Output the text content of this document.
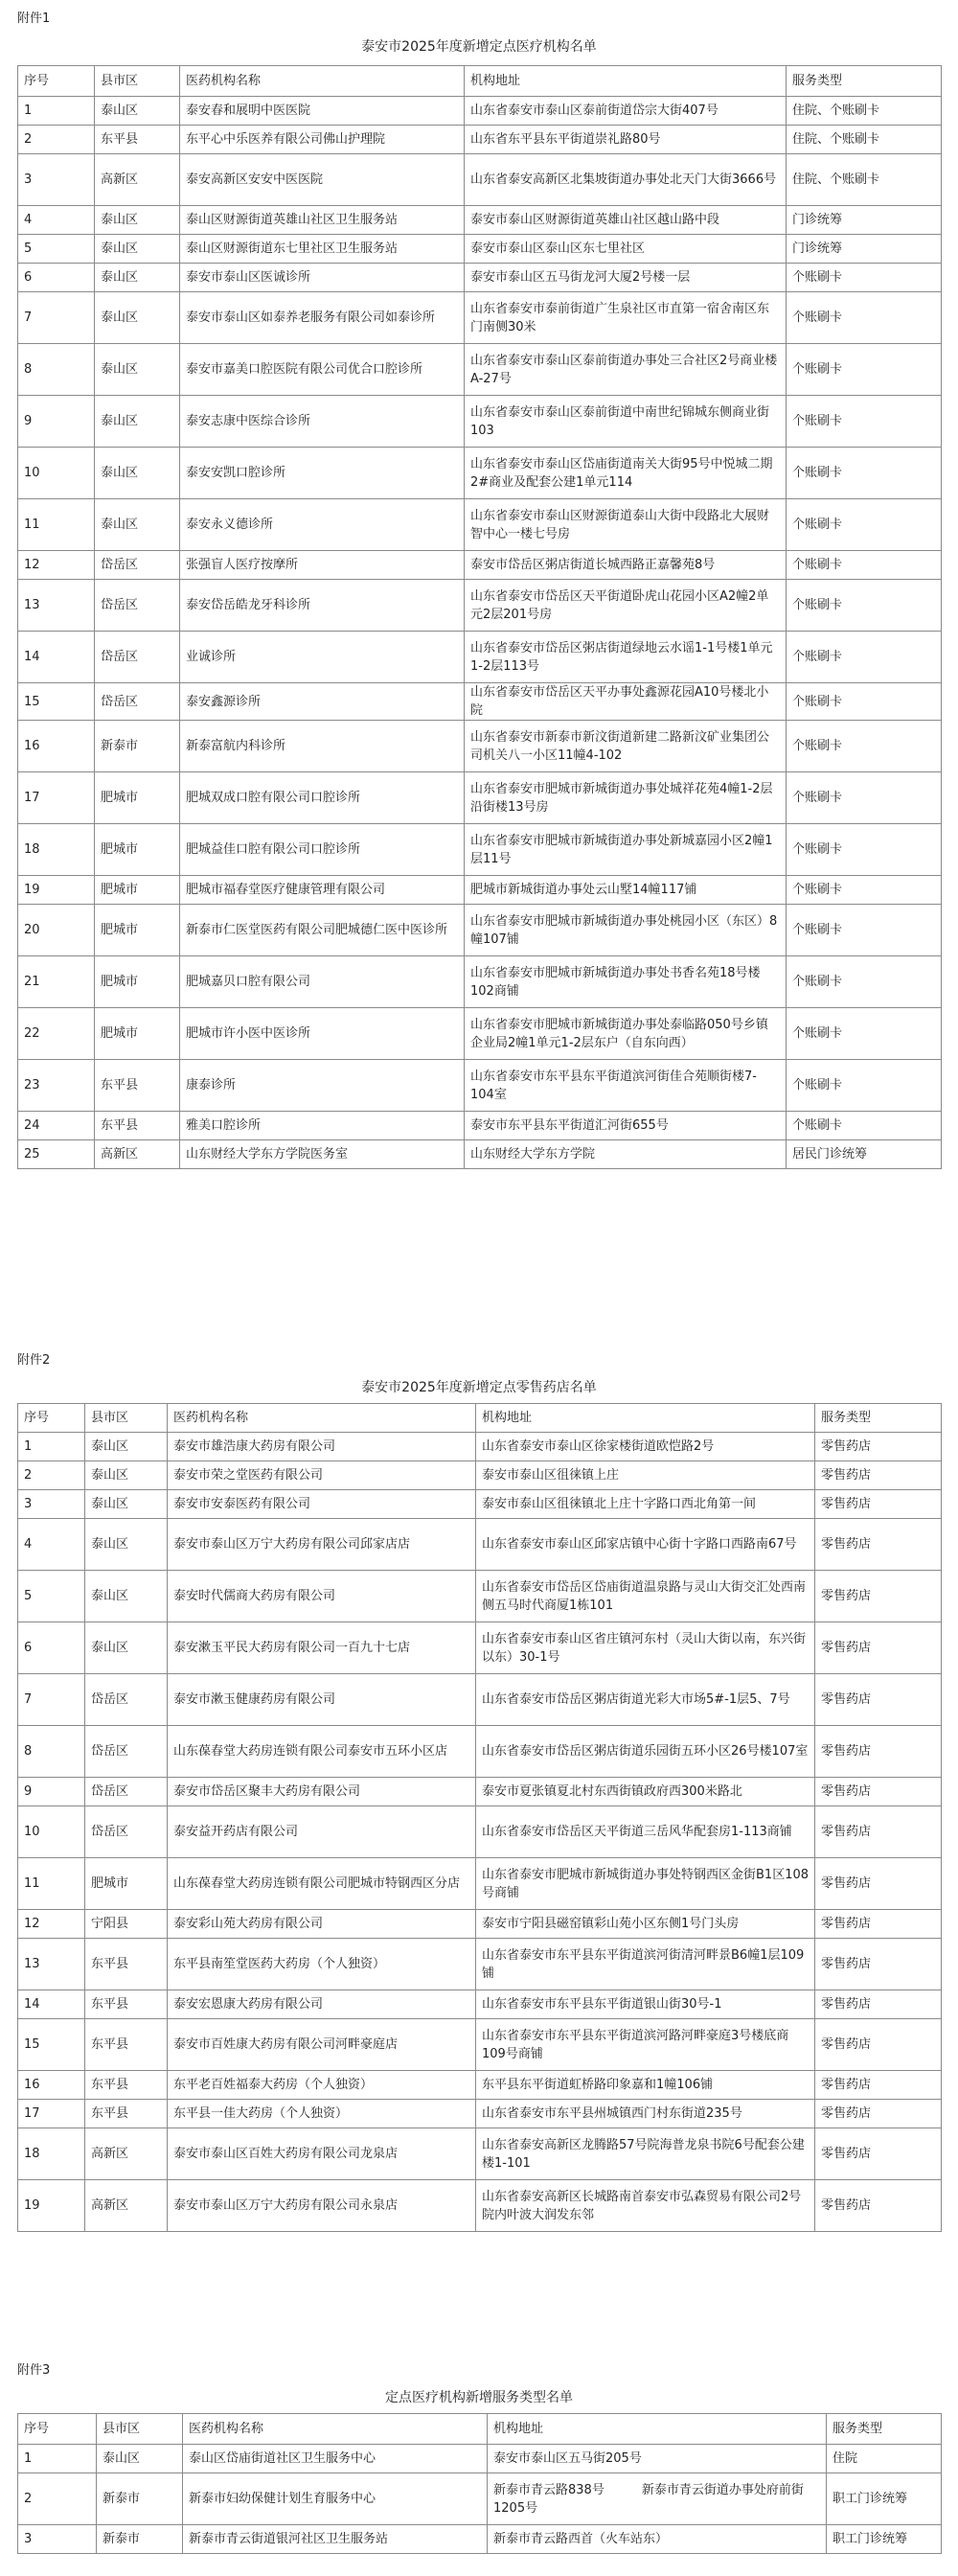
附件1
泰安市2025年度新增定点医疗机构名单
序号	县市区	医药机构名称	机构地址	服务类型
1	泰山区	泰安春和展明中医医院	山东省泰安市泰山区泰前街道岱宗大街407号	住院、个账刷卡
2	东平县	东平心中乐医养有限公司佛山护理院	山东省东平县东平街道崇礼路80号	住院、个账刷卡
3	高新区	泰安高新区安安中医医院	山东省泰安高新区北集坡街道办事处北天门大街3666号	住院、个账刷卡
4	泰山区	泰山区财源街道英雄山社区卫生服务站	泰安市泰山区财源街道英雄山社区越山路中段	门诊统筹
5	泰山区	泰山区财源街道东七里社区卫生服务站	泰安市泰山区泰山区东七里社区	门诊统筹
6	泰山区	泰安市泰山区医诚诊所	泰安市泰山区五马街龙河大厦2号楼一层	个账刷卡
7	泰山区	泰安市泰山区如泰养老服务有限公司如泰诊所	山东省泰安市泰前街道广生泉社区市直第一宿舍南区东门南侧30米	个账刷卡
8	泰山区	泰安市嘉美口腔医院有限公司优合口腔诊所	山东省泰安市泰山区泰前街道办事处三合社区2号商业楼A-27号	个账刷卡
9	泰山区	泰安志康中医综合诊所	山东省泰安市泰山区泰前街道中南世纪锦城东侧商业街103	个账刷卡
10	泰山区	泰安安凯口腔诊所	山东省泰安市泰山区岱庙街道南关大街95号中悦城二期2#商业及配套公建1单元114	个账刷卡
11	泰山区	泰安永义德诊所	山东省泰安市泰山区财源街道泰山大街中段路北大展财智中心一楼七号房	个账刷卡
12	岱岳区	张强盲人医疗按摩所	泰安市岱岳区粥店街道长城西路正嘉馨苑8号	个账刷卡
13	岱岳区	泰安岱岳皓龙牙科诊所	山东省泰安市岱岳区天平街道卧虎山花园小区A2幢2单元2层201号房	个账刷卡
14	岱岳区	业诚诊所	山东省泰安市岱岳区粥店街道绿地云水谣1-1号楼1单元1-2层113号	个账刷卡
15	岱岳区	泰安鑫源诊所	山东省泰安市岱岳区天平办事处鑫源花园A10号楼北小院	个账刷卡
16	新泰市	新泰富航内科诊所	山东省泰安市新泰市新汶街道新建二路新汶矿业集团公司机关八一小区11幢4-102	个账刷卡
17	肥城市	肥城双成口腔有限公司口腔诊所	山东省泰安市肥城市新城街道办事处城祥花苑4幢1-2层沿街楼13号房	个账刷卡
18	肥城市	肥城益佳口腔有限公司口腔诊所	山东省泰安市肥城市新城街道办事处新城嘉园小区2幢1层11号	个账刷卡
19	肥城市	肥城市福春堂医疗健康管理有限公司	肥城市新城街道办事处云山墅14幢117铺	个账刷卡
20	肥城市	新泰市仁医堂医药有限公司肥城德仁医中医诊所	山东省泰安市肥城市新城街道办事处桃园小区（东区）8幢107铺	个账刷卡
21	肥城市	肥城嘉贝口腔有限公司	山东省泰安市肥城市新城街道办事处书香名苑18号楼102商铺	个账刷卡
22	肥城市	肥城市许小医中医诊所	山东省泰安市肥城市新城街道办事处泰临路050号乡镇企业局2幢1单元1-2层东户（自东向西）	个账刷卡
23	东平县	康泰诊所	山东省泰安市东平县东平街道滨河街佳合苑顺街楼7-104室	个账刷卡
24	东平县	雅美口腔诊所	泰安市东平县东平街道汇河街655号	个账刷卡
25	高新区	山东财经大学东方学院医务室	山东财经大学东方学院	居民门诊统筹
附件2
泰安市2025年度新增定点零售药店名单
序号	县市区	医药机构名称	机构地址	服务类型
1	泰山区	泰安市雄浩康大药房有限公司	山东省泰安市泰山区徐家楼街道欧恺路2号	零售药店
2	泰山区	泰安市荣之堂医药有限公司	泰安市泰山区徂徕镇上庄	零售药店
3	泰山区	泰安市安泰医药有限公司	泰安市泰山区徂徕镇北上庄十字路口西北角第一间	零售药店
4	泰山区	泰安市泰山区万宁大药房有限公司邱家店店	山东省泰安市泰山区邱家店镇中心街十字路口西路南67号	零售药店
5	泰山区	泰安时代儒商大药房有限公司	山东省泰安市岱岳区岱庙街道温泉路与灵山大街交汇处西南侧五马时代商厦1栋101	零售药店
6	泰山区	泰安漱玉平民大药房有限公司一百九十七店	山东省泰安市泰山区省庄镇河东村（灵山大街以南，东兴街以东）30-1号	零售药店
7	岱岳区	泰安市漱玉健康药房有限公司	山东省泰安市岱岳区粥店街道光彩大市场5#-1层5、7号	零售药店
8	岱岳区	山东葆春堂大药房连锁有限公司泰安市五环小区店	山东省泰安市岱岳区粥店街道乐园街五环小区26号楼107室	零售药店
9	岱岳区	泰安市岱岳区聚丰大药房有限公司	泰安市夏张镇夏北村东西街镇政府西300米路北	零售药店
10	岱岳区	泰安益开药店有限公司	山东省泰安市岱岳区天平街道三岳风华配套房1-113商铺	零售药店
11	肥城市	山东葆春堂大药房连锁有限公司肥城市特钢西区分店	山东省泰安市肥城市新城街道办事处特钢西区金街B1区108号商铺	零售药店
12	宁阳县	泰安彩山苑大药房有限公司	泰安市宁阳县磁窑镇彩山苑小区东侧1号门头房	零售药店
13	东平县	东平县南笙堂医药大药房（个人独资）	山东省泰安市东平县东平街道滨河街清河畔景B6幢1层109铺	零售药店
14	东平县	泰安宏恩康大药房有限公司	山东省泰安市东平县东平街道银山街30号-1	零售药店
15	东平县	泰安市百姓康大药房有限公司河畔豪庭店	山东省泰安市东平县东平街道滨河路河畔豪庭3号楼底商109号商铺	零售药店
16	东平县	东平老百姓福泰大药房（个人独资）	东平县东平街道虹桥路印象嘉和1幢106铺	零售药店
17	东平县	东平县一佳大药房（个人独资）	山东省泰安市东平县州城镇西门村东街道235号	零售药店
18	高新区	泰安市泰山区百姓大药房有限公司龙泉店	山东省泰安高新区龙腾路57号院海普龙泉书院6号配套公建楼1-101	零售药店
19	高新区	泰安市泰山区万宁大药房有限公司永泉店	山东省泰安高新区长城路南首泰安市弘森贸易有限公司2号院内叶波大润发东邻	零售药店
附件3
定点医疗机构新增服务类型名单
序号	县市区	医药机构名称	机构地址	服务类型
1	泰山区	泰山区岱庙街道社区卫生服务中心	泰安市泰山区五马街205号	住院
2	新泰市	新泰市妇幼保健计划生育服务中心	新泰市青云路838号　　　新泰市青云街道办事处府前街1205号	职工门诊统筹
3	新泰市	新泰市青云街道银河社区卫生服务站	新泰市青云路西首（火车站东）	职工门诊统筹
